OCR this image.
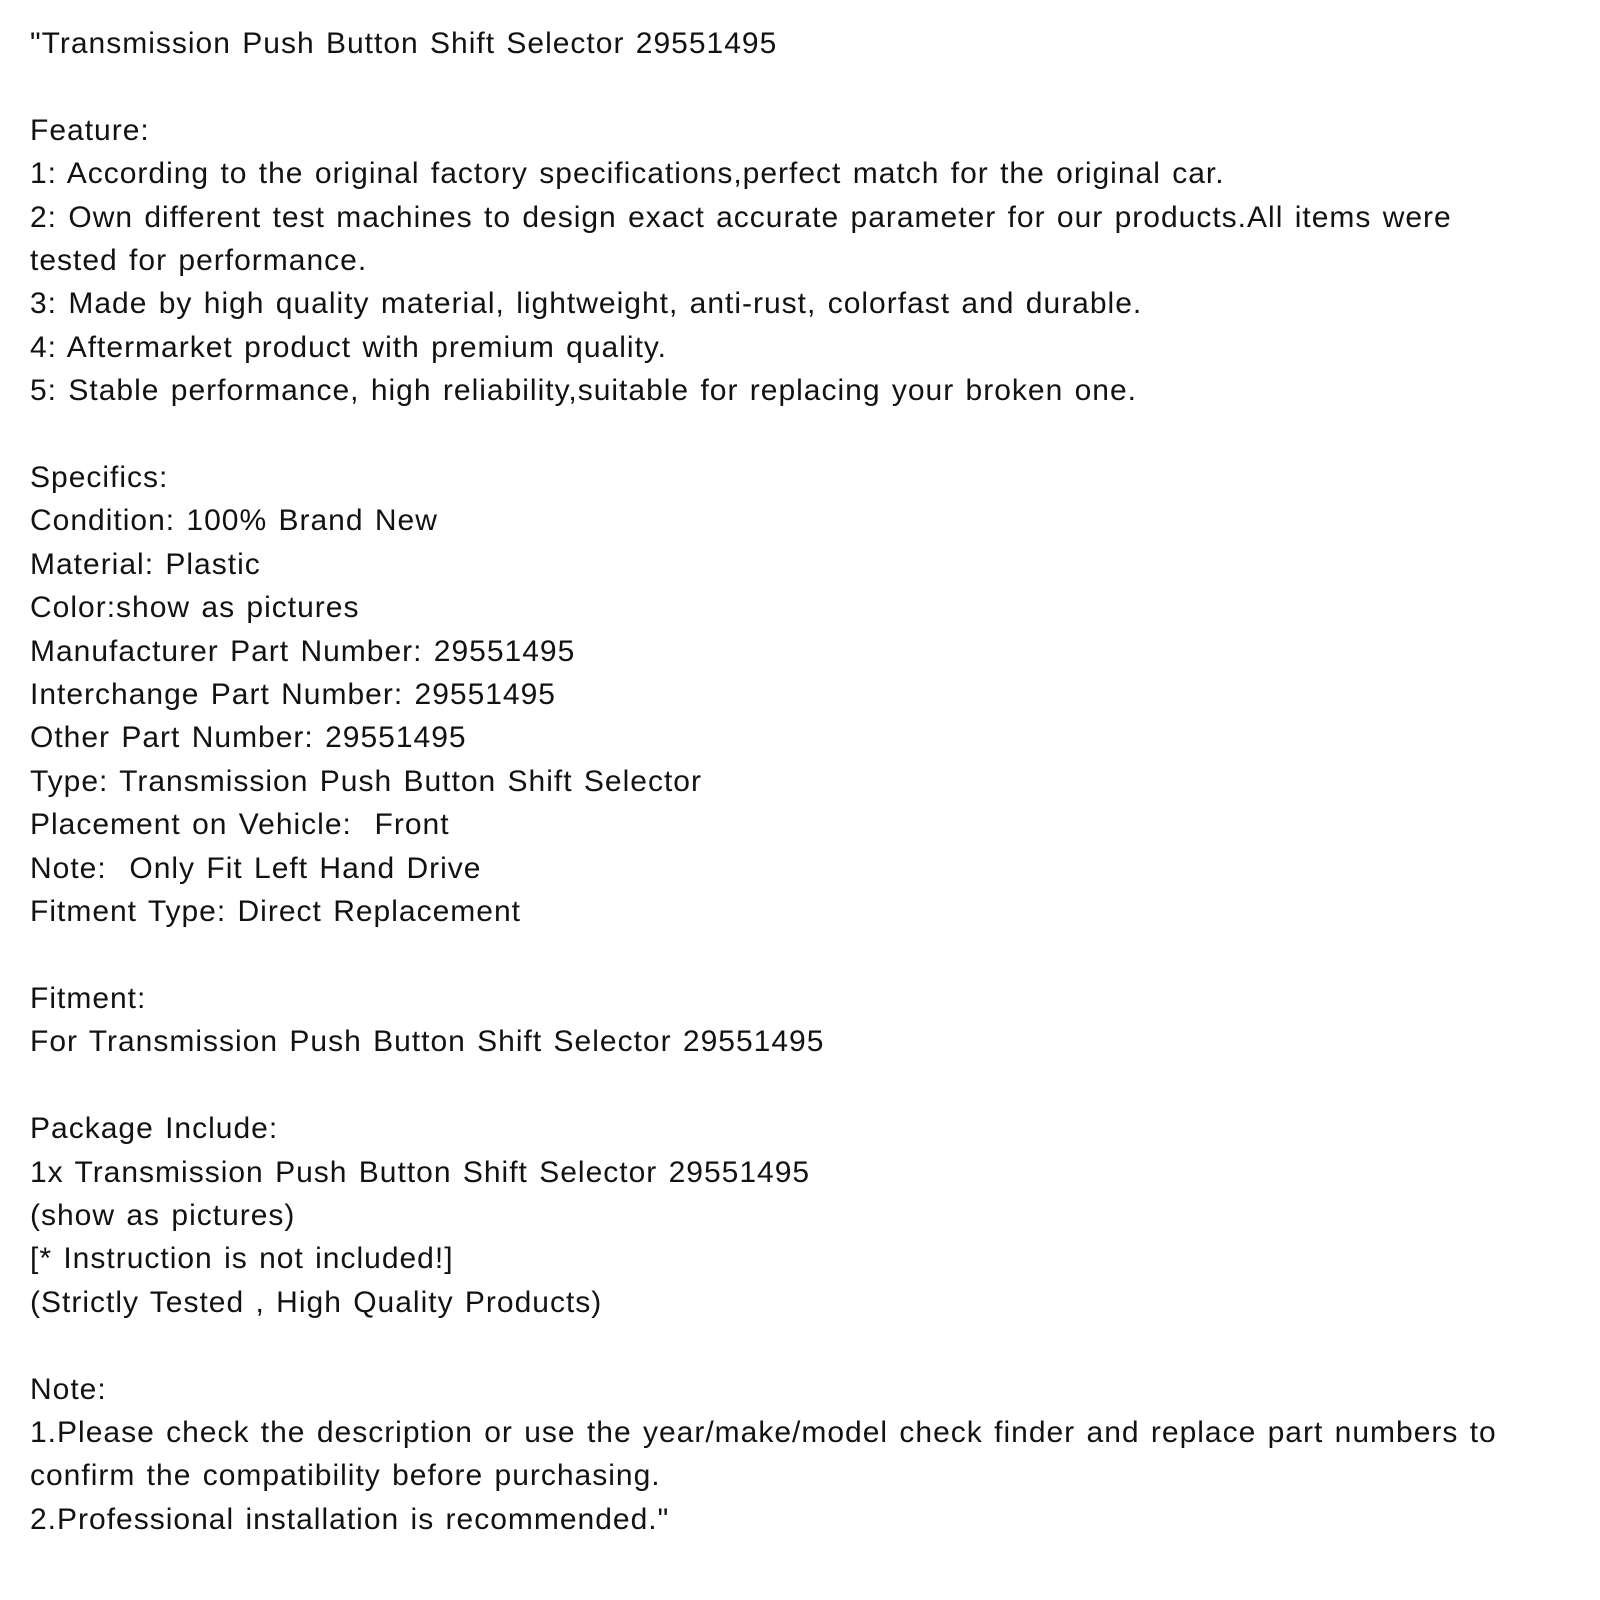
"Transmission Push Button Shift Selector 29551495

Feature:

1: According to the original factory specifications,perfect match for the original car.

2: Own different test machines to design exact accurate parameter for our products.All items were tested for performance.

3: Made by high quality material, lightweight, anti-rust, colorfast and durable.

4: Aftermarket product with premium quality.

5: Stable performance, high reliability,suitable for replacing your broken one.

Specifics:

Condition: 100% Brand New

Material: Plastic

Color:show as pictures

Manufacturer Part Number: 29551495

Interchange Part Number: 29551495

Other Part Number: 29551495

Type: Transmission Push Button Shift Selector

Placement on Vehicle:  Front

Note:  Only Fit Left Hand Drive

Fitment Type: Direct Replacement

Fitment:

For Transmission Push Button Shift Selector 29551495

Package Include:

1x Transmission Push Button Shift Selector 29551495

(show as pictures)

[* Instruction is not included!]

(Strictly Tested , High Quality Products)

Note:

1.Please check the description or use the year/make/model check finder and replace part numbers to confirm the compatibility before purchasing.

2.Professional installation is recommended."
